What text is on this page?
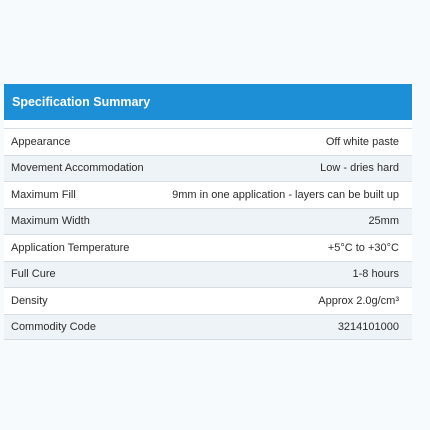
Specification Summary
Appearance	Off white paste
Movement Accommodation	Low - dries hard
Maximum Fill	9mm in one application - layers can be built up
Maximum Width	25mm
Application Temperature	+5°C to +30°C
Full Cure	1-8 hours
Density	Approx 2.0g/cm³
Commodity Code	3214101000
